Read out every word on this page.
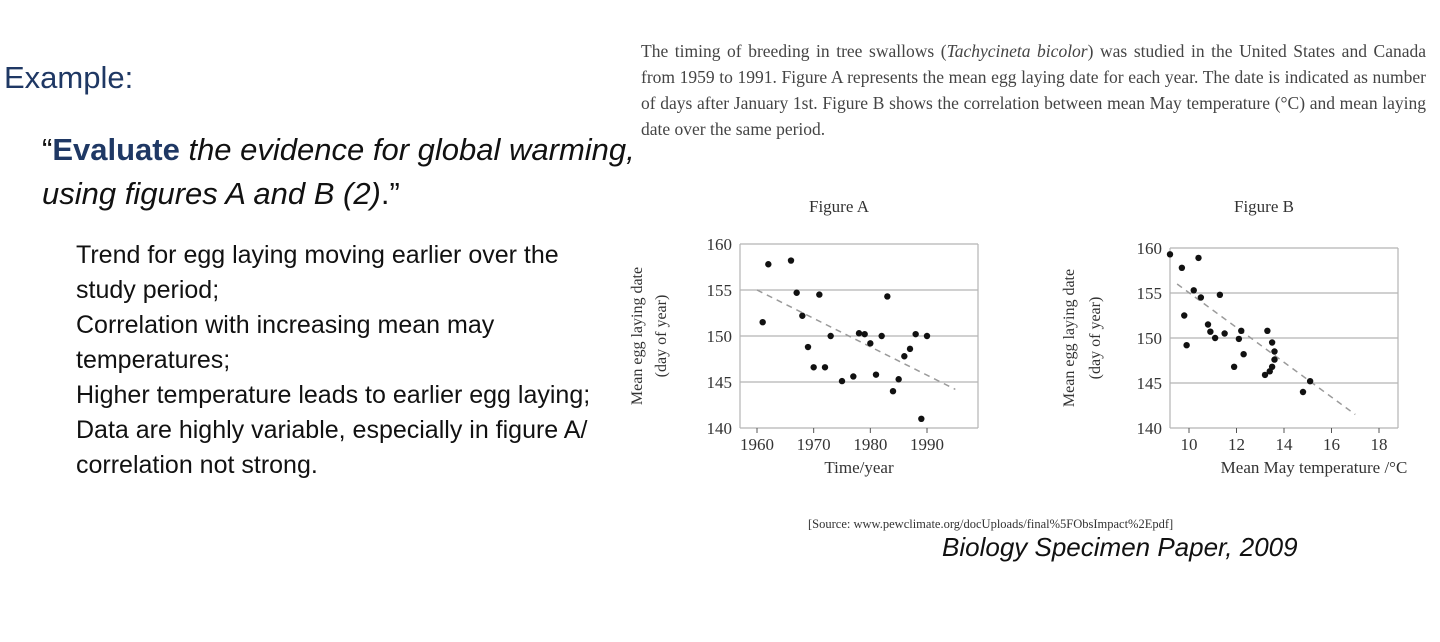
Example:
“Evaluate the evidence for global warming, using figures A and B (2).”
Trend for egg laying moving earlier over the study period;
Correlation with increasing mean may temperatures;
Higher temperature leads to earlier egg laying;
Data are highly variable, especially in figure A/ correlation not strong.
The timing of breeding in tree swallows (Tachycineta bicolor) was studied in the United States and Canada from 1959 to 1991. Figure A represents the mean egg laying date for each year. The date is indicated as number of days after January 1st. Figure B shows the correlation between mean May temperature (°C) and mean laying date over the same period.
Figure A
140
145
150
155
160
1960 1970 1980 1990
Time/year
Mean egg laying date (day of year)
Figure B
140
145
150
155
160
10 12 14 16 18
Mean May temperature /°C
Mean egg laying date (day of year)
[Source: www.pewclimate.org/docUploads/final%5FObsImpact%2Epdf]
Biology Specimen Paper, 2009
